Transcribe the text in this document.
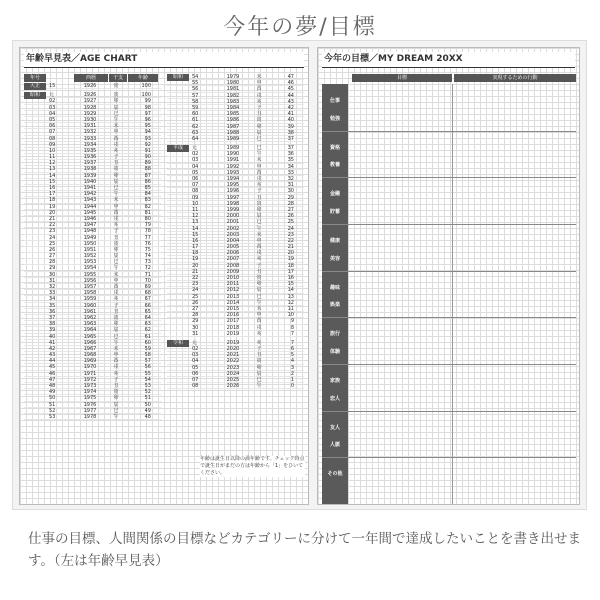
今年の夢/目標
年齢早見表／AGE CHART
年号	西暦	干支	年齢
大正	15	1926	寅	100
昭和	元	1926	寅	100
02	1927	卯	99
03	1928	辰	98
04	1929	巳	97
05	1930	午	96
06	1931	未	95
07	1932	申	94
08	1933	酉	93
09	1934	戌	92
10	1935	亥	91
11	1936	子	90
12	1937	丑	89
13	1938	寅	88
14	1939	卯	87
15	1940	辰	86
16	1941	巳	85
17	1942	午	84
18	1943	未	83
19	1944	申	82
20	1945	酉	81
21	1946	戌	80
22	1947	亥	79
23	1948	子	78
24	1949	丑	77
25	1950	寅	76
26	1951	卯	75
27	1952	辰	74
28	1953	巳	73
29	1954	午	72
30	1955	未	71
31	1956	申	70
32	1957	酉	69
33	1958	戌	68
34	1959	亥	67
35	1960	子	66
36	1961	丑	65
37	1962	寅	64
38	1963	卯	63
39	1964	辰	62
40	1965	巳	61
41	1966	午	60
42	1967	未	59
43	1968	申	58
44	1969	酉	57
45	1970	戌	56
46	1971	亥	55
47	1972	子	54
48	1973	丑	53
49	1974	寅	52
50	1975	卯	51
51	1976	辰	50
52	1977	巳	49
53	1978	午	48
昭和	54	1979	未	47
55	1980	申	46
56	1981	酉	45
57	1982	戌	44
58	1983	亥	43
59	1984	子	42
60	1985	丑	41
61	1986	寅	40
62	1987	卯	39
63	1988	辰	38
64	1989	巳	37
平成	元	1989	巳	37
02	1990	午	36
03	1991	未	35
04	1992	申	34
05	1993	酉	33
06	1994	戌	32
07	1995	亥	31
08	1996	子	30
09	1997	丑	29
10	1998	寅	28
11	1999	卯	27
12	2000	辰	26
13	2001	巳	25
14	2002	午	24
15	2003	未	23
16	2004	申	22
17	2005	酉	21
18	2006	戌	20
19	2007	亥	19
20	2008	子	18
21	2009	丑	17
22	2010	寅	16
23	2011	卯	15
24	2012	辰	14
25	2013	巳	13
26	2014	午	12
27	2015	未	11
28	2016	申	10
29	2017	酉	9
30	2018	戌	8
31	2019	亥	7
令和	元	2019	亥	7
02	2020	子	6
03	2021	丑	5
04	2022	寅	4
05	2023	卯	3
06	2024	辰	2
07	2025	巳	1
08	2026	午	0
年齢は誕生日以降の満年齢です。チェック時点で誕生日がまだの方は年齢から「1」をひいてください。
今年の目標／MY DREAM 20XX
目標	実現するための行動
仕事
勉強
資格
教養
金融
貯蓄
健康
美容
趣味
娯楽
旅行
体験
家族
恋人
友人
人脈
その他
仕事の目標、人間関係の目標などカテゴリーに分けて一年間で達成したいことを書き出せます。（左は年齢早見表）
